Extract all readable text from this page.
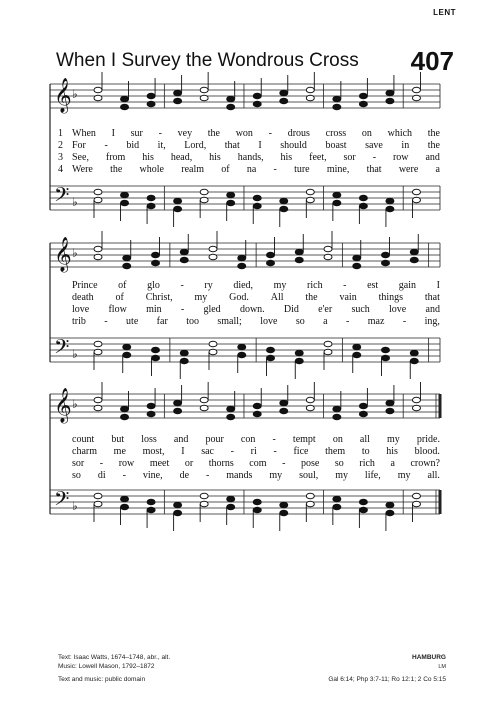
LENT
When I Survey the Wondrous Cross 407
𝄞
𝄢
♭
♭
𝄞
𝄢
♭
♭
𝄞
𝄢
♭
♭
1 When I sur - vey the won - drous cross on which the
2 For - bid it, Lord, that I should boast save in the
3 See, from his head, his hands, his feet, sor - row and
4 Were the whole realm of na - ture mine, that were a
Prince of glo - ry died, my rich - est gain I
death of Christ, my God. All the vain things that
love flow min - gled down. Did e'er such love and
trib - ute far too small; love so a - maz - ing,
count but loss and pour con - tempt on all my pride.
charm me most, I sac - ri - fice them to his blood.
sor - row meet or thorns com - pose so rich a crown?
so di - vine, de - mands my soul, my life, my all.
Text: Isaac Watts, 1674–1748, abr., alt.
Music: Lowell Mason, 1792–1872
Text and music: public domain
HAMBURG
LM
Gal 6:14; Php 3:7-11; Ro 12:1; 2 Co 5:15
